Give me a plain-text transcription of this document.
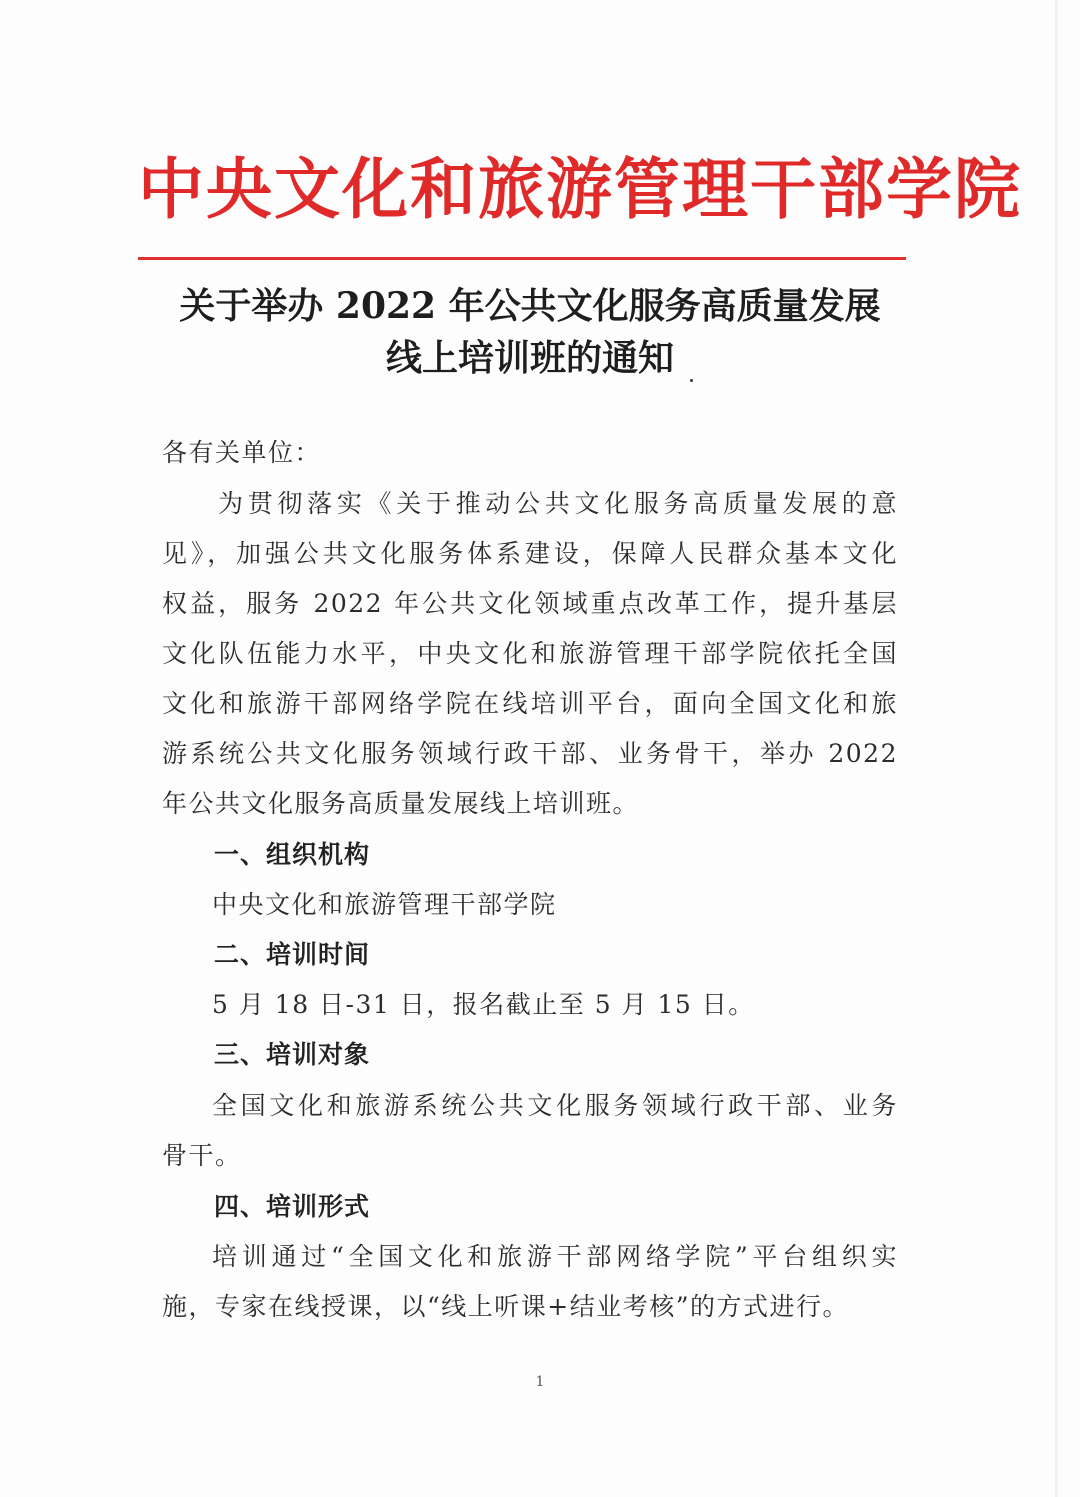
中央文化和旅游管理干部学院
关于举办 2022 年公共文化服务高质量发展
线上培训班的通知
各有关单位：
为贯彻落实《关于推动公共文化服务高质量发展的意
见》，加强公共文化服务体系建设，保障人民群众基本文化
权益，服务 2022 年公共文化领域重点改革工作，提升基层
文化队伍能力水平，中央文化和旅游管理干部学院依托全国
文化和旅游干部网络学院在线培训平台，面向全国文化和旅
游系统公共文化服务领域行政干部、业务骨干，举办 2022
年公共文化服务高质量发展线上培训班。
一、组织机构
中央文化和旅游管理干部学院
二、培训时间
5 月 18 日-31 日，报名截止至 5 月 15 日。
三、培训对象
全国文化和旅游系统公共文化服务领域行政干部、业务
骨干。
四、培训形式
培训通过“全国文化和旅游干部网络学院”平台组织实
施，专家在线授课，以“线上听课+结业考核”的方式进行。
1
